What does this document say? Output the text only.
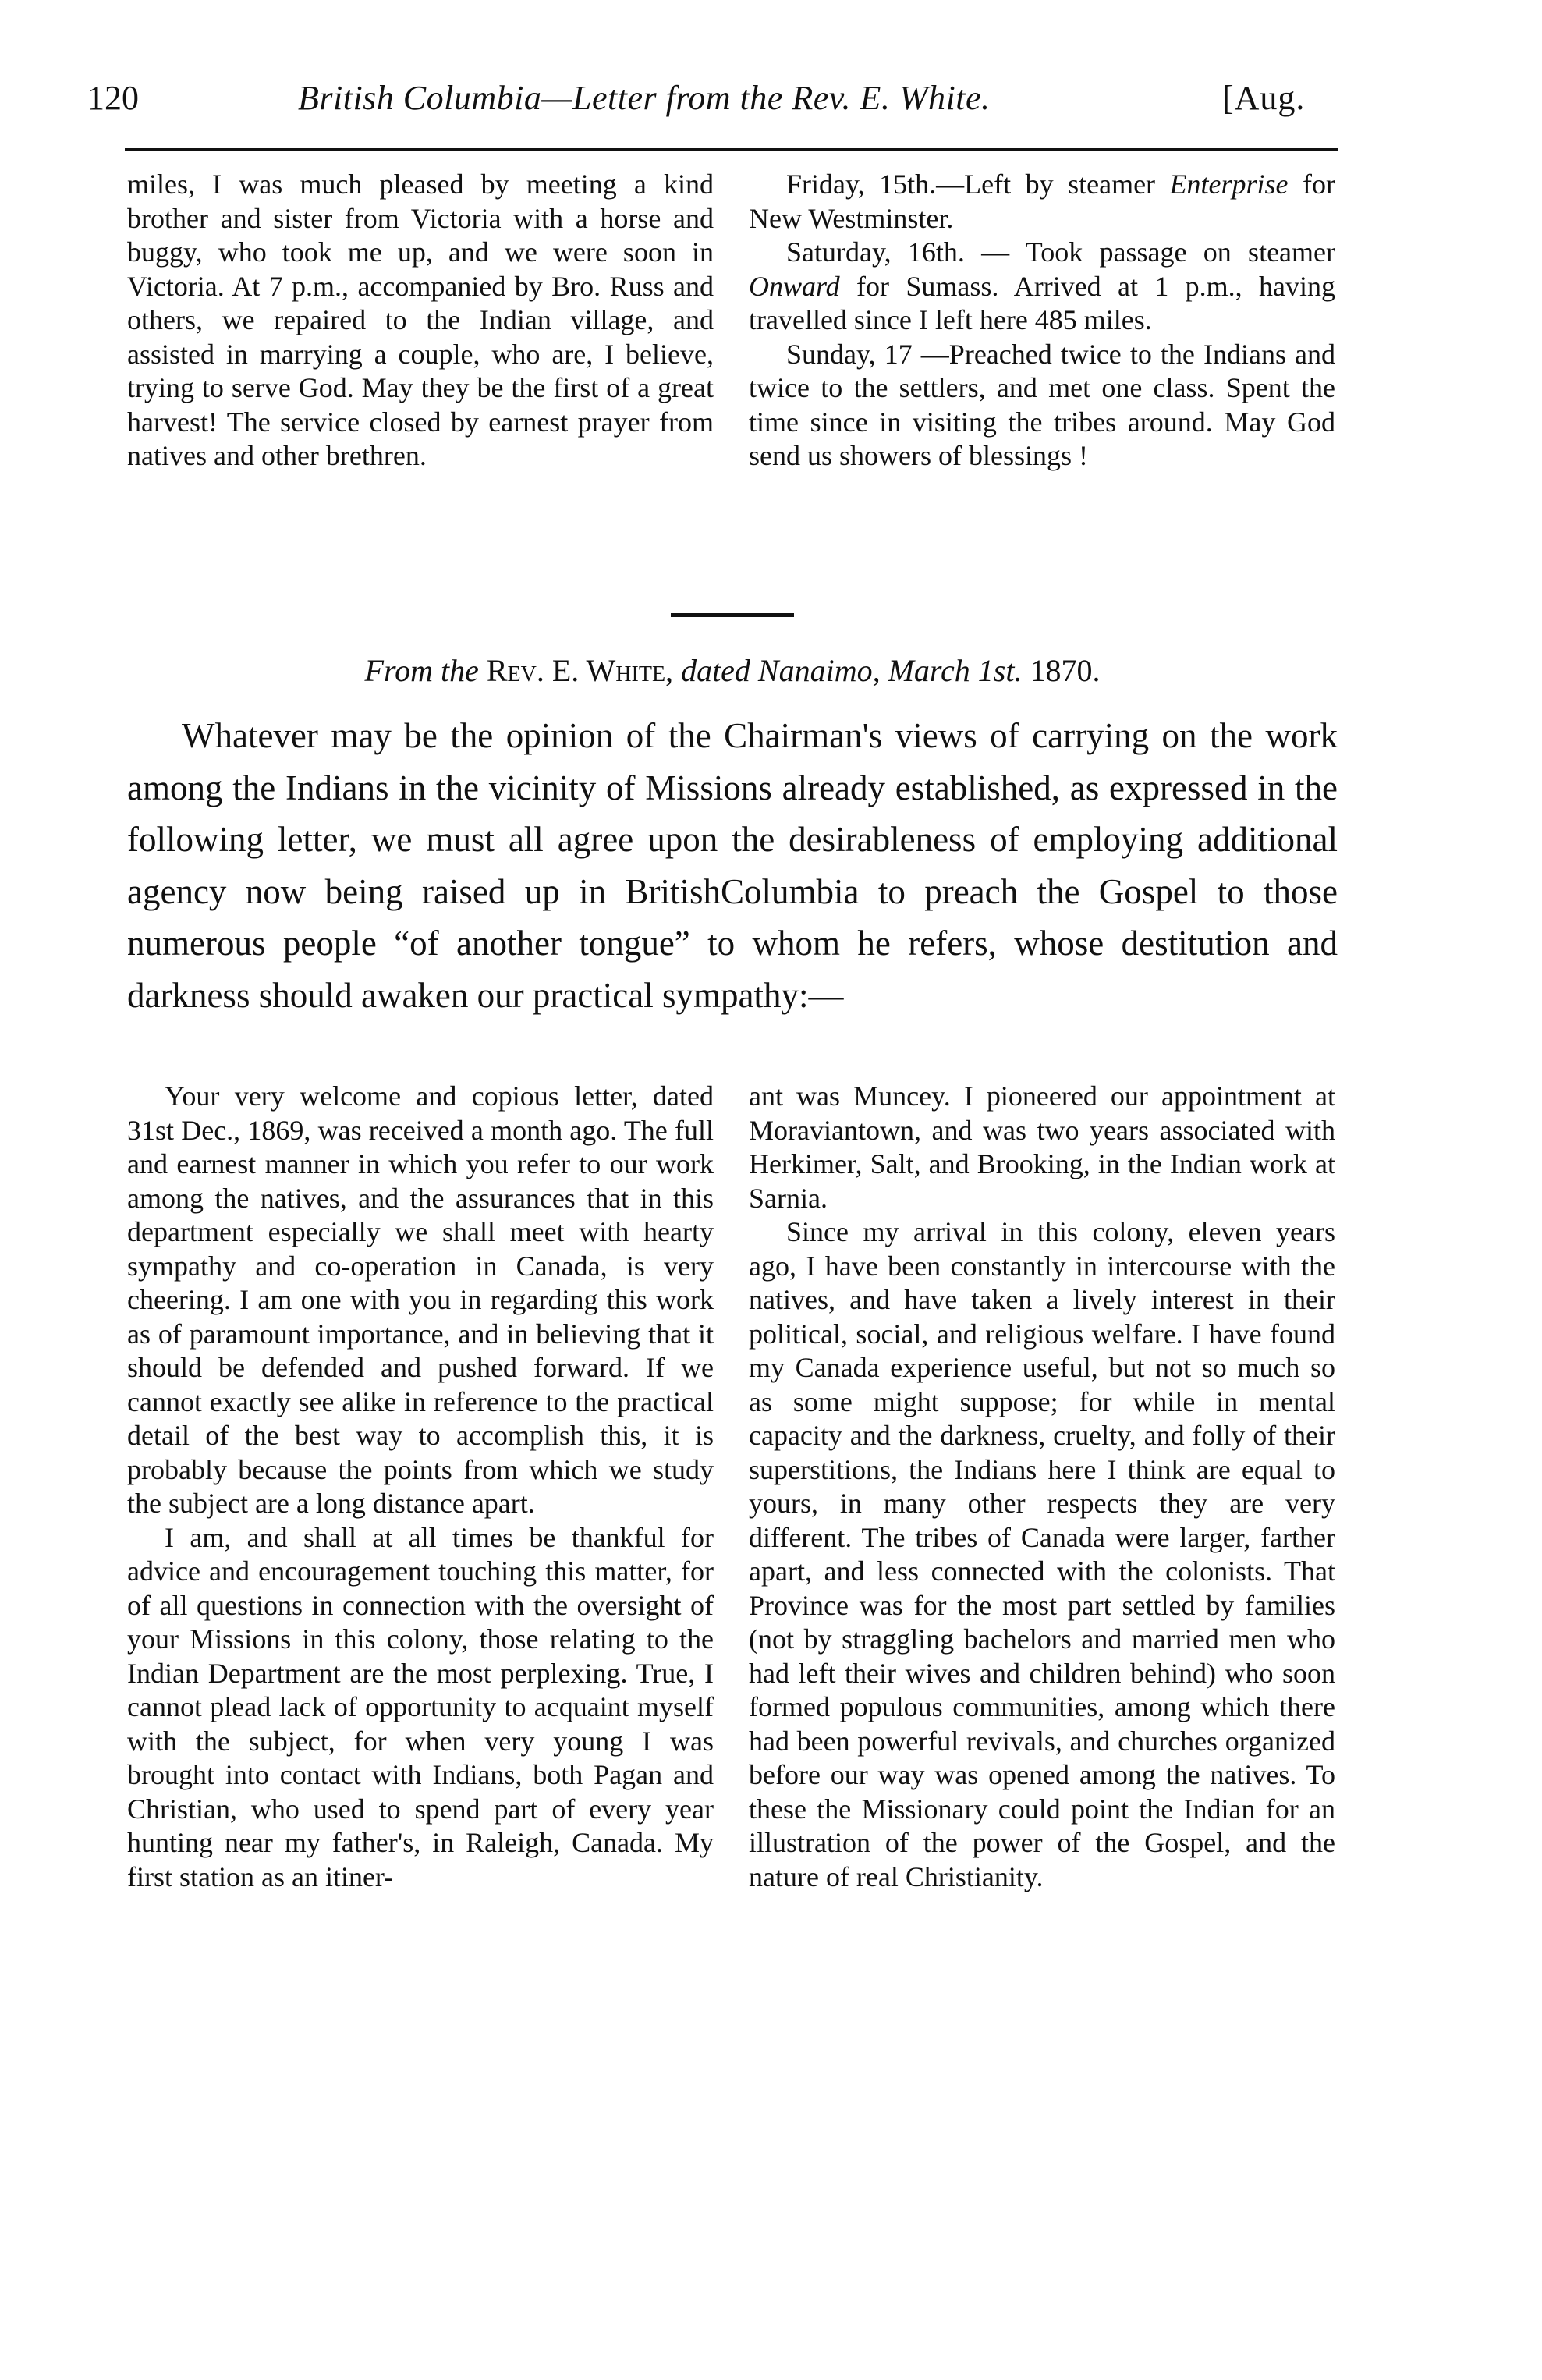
120	British Columbia—Letter from the Rev. E. White.	[Aug.

miles, I was much pleased by meeting a kind brother and sister from Victoria with a horse and buggy, who took me up, and we were soon in Victoria. At 7 p.m., accompanied by Bro. Russ and others, we repaired to the Indian village, and assisted in marrying a couple, who are, I believe, trying to serve God. May they be the first of a great harvest! The service closed by earnest prayer from natives and other brethren.

Friday, 15th.—Left by steamer Enterprise for New Westminster.

Saturday, 16th. — Took passage on steamer Onward for Sumass. Arrived at 1 p.m., having travelled since I left here 485 miles.

Sunday, 17 —Preached twice to the Indians and twice to the settlers, and met one class. Spent the time since in visiting the tribes around. May God send us showers of blessings !

From the Rev. E. White, dated Nanaimo, March 1st. 1870.

Whatever may be the opinion of the Chairman's views of carrying on the work among the Indians in the vicinity of Missions already established, as expressed in the following letter, we must all agree upon the desirableness of employing additional agency now being raised up in BritishColumbia to preach the Gospel to those numerous people “of another tongue” to whom he refers, whose destitution and darkness should awaken our practical sympathy:—

Your very welcome and copious letter, dated 31st Dec., 1869, was received a month ago. The full and earnest manner in which you refer to our work among the natives, and the assurances that in this department especially we shall meet with hearty sympathy and co-operation in Canada, is very cheering. I am one with you in regarding this work as of paramount importance, and in believing that it should be defended and pushed forward. If we cannot exactly see alike in reference to the practical detail of the best way to accomplish this, it is probably because the points from which we study the subject are a long distance apart.

I am, and shall at all times be thankful for advice and encouragement touching this matter, for of all questions in connection with the oversight of your Missions in this colony, those relating to the Indian Department are the most perplexing. True, I cannot plead lack of opportunity to acquaint myself with the subject, for when very young I was brought into contact with Indians, both Pagan and Christian, who used to spend part of every year hunting near my father's, in Raleigh, Canada. My first station as an itiner-

ant was Muncey. I pioneered our appointment at Moraviantown, and was two years associated with Herkimer, Salt, and Brooking, in the Indian work at Sarnia.

Since my arrival in this colony, eleven years ago, I have been constantly in intercourse with the natives, and have taken a lively interest in their political, social, and religious welfare. I have found my Canada experience useful, but not so much so as some might suppose; for while in mental capacity and the darkness, cruelty, and folly of their superstitions, the Indians here I think are equal to yours, in many other respects they are very different. The tribes of Canada were larger, farther apart, and less connected with the colonists. That Province was for the most part settled by families (not by straggling bachelors and married men who had left their wives and children behind) who soon formed populous communities, among which there had been powerful revivals, and churches organized before our way was opened among the natives. To these the Missionary could point the Indian for an illustration of the power of the Gospel, and the nature of real Christianity.
